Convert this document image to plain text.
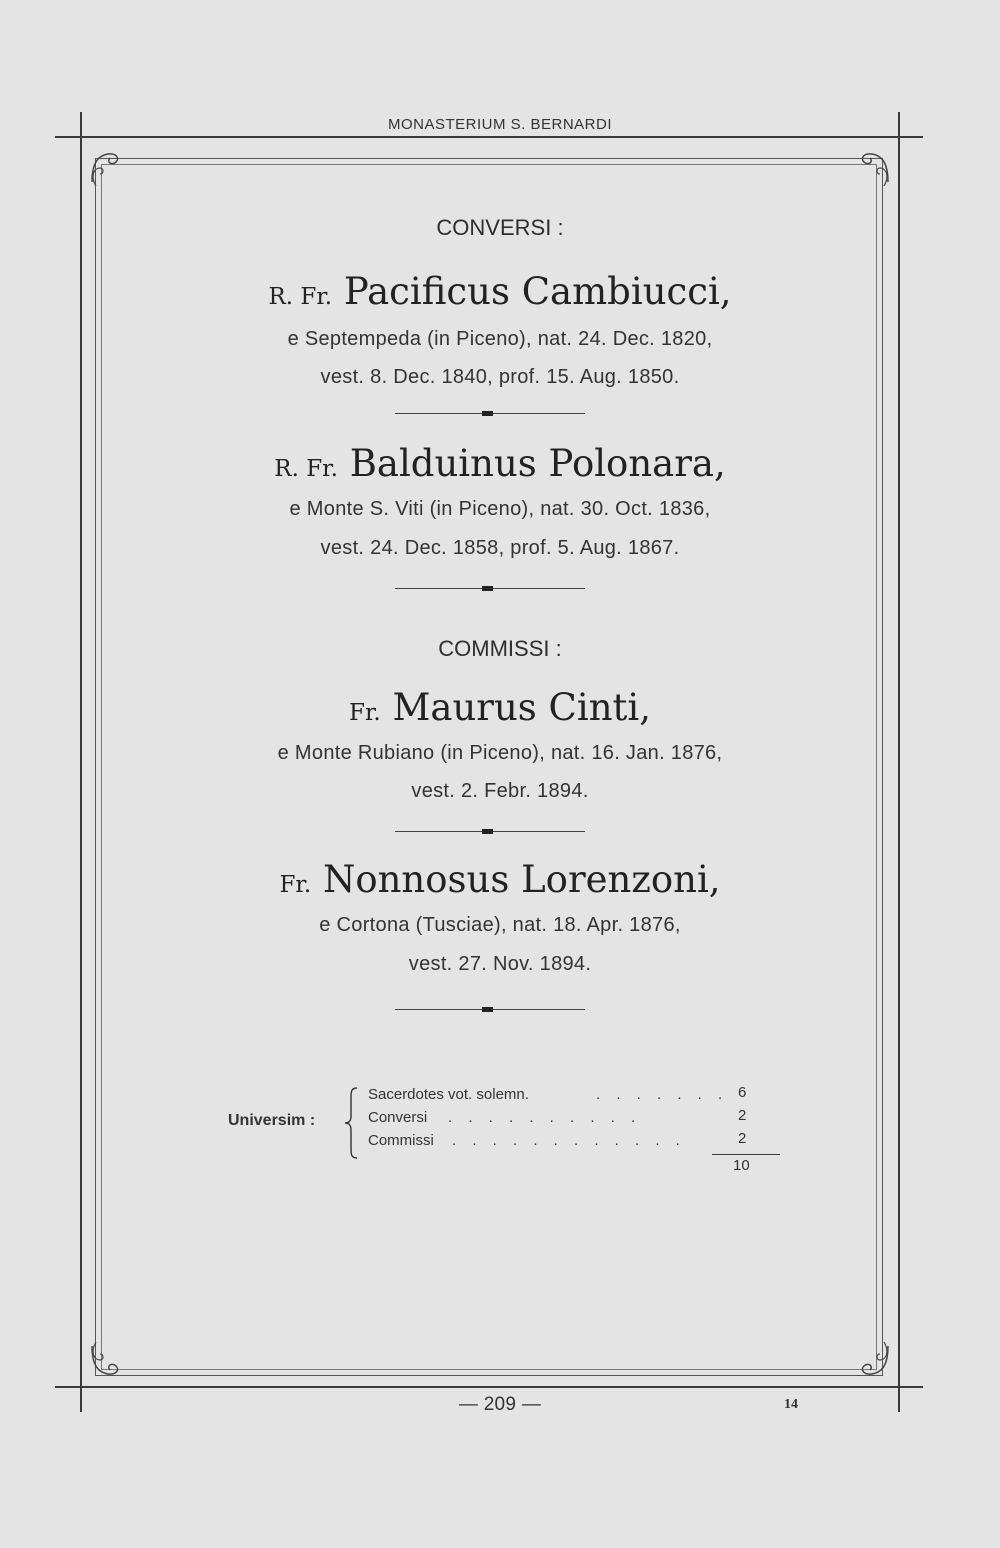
MONASTERIUM S. BERNARDI
CONVERSI :
R. Fr. Pacificus Cambiucci,
e Septempeda (in Piceno), nat. 24. Dec. 1820,
vest. 8. Dec. 1840, prof. 15. Aug. 1850.
R. Fr. Balduinus Polonara,
e Monte S. Viti (in Piceno), nat. 30. Oct. 1836,
vest. 24. Dec. 1858, prof. 5. Aug. 1867.
COMMISSI :
Fr. Maurus Cinti,
e Monte Rubiano (in Piceno), nat. 16. Jan. 1876,
vest. 2. Febr. 1894.
Fr. Nonnosus Lorenzoni,
e Cortona (Tusciae), nat. 18. Apr. 1876,
vest. 27. Nov. 1894.
Universim :
Sacerdotes vot. solemn.	. . . . . . . 6
Conversi . . . . . . . . . .	2
Commissi . . . . . . . . . . . .	2
10
— 209 —	14
